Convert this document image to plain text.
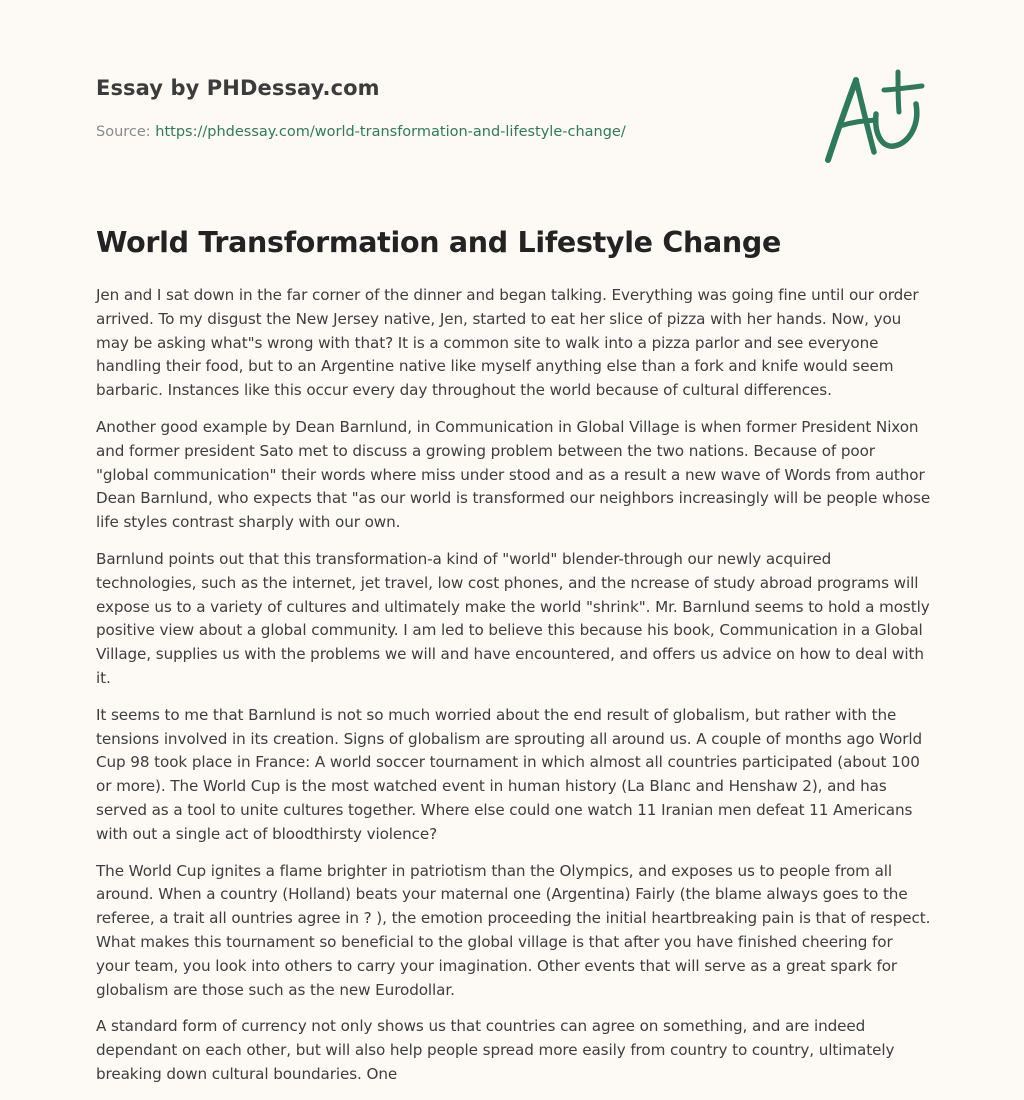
Essay by PHDessay.com

Source: https://phdessay.com/world-transformation-and-lifestyle-change/

World Transformation and Lifestyle Change

Jen and I sat down in the far corner of the dinner and began talking. Everything was going fine until our order arrived. To my disgust the New Jersey native, Jen, started to eat her slice of pizza with her hands. Now, you may be asking what"s wrong with that? It is a common site to walk into a pizza parlor and see everyone handling their food, but to an Argentine native like myself anything else than a fork and knife would seem barbaric. Instances like this occur every day throughout the world because of cultural differences.

Another good example by Dean Barnlund, in Communication in Global Village is when former President Nixon and former president Sato met to discuss a growing problem between the two nations. Because of poor "global communication" their words where miss under stood and as a result a new wave of Words from author Dean Barnlund, who expects that "as our world is transformed our neighbors increasingly will be people whose life styles contrast sharply with our own.

Barnlund points out that this transformation-a kind of "world" blender-through our newly acquired technologies, such as the internet, jet travel, low cost phones, and the ncrease of study abroad programs will expose us to a variety of cultures and ultimately make the world "shrink". Mr. Barnlund seems to hold a mostly positive view about a global community. I am led to believe this because his book, Communication in a Global Village, supplies us with the problems we will and have encountered, and offers us advice on how to deal with it.

It seems to me that Barnlund is not so much worried about the end result of globalism, but rather with the tensions involved in its creation. Signs of globalism are sprouting all around us. A couple of months ago World Cup 98 took place in France: A world soccer tournament in which almost all countries participated (about 100 or more). The World Cup is the most watched event in human history (La Blanc and Henshaw 2), and has served as a tool to unite cultures together. Where else could one watch 11 Iranian men defeat 11 Americans with out a single act of bloodthirsty violence?

The World Cup ignites a flame brighter in patriotism than the Olympics, and exposes us to people from all around. When a country (Holland) beats your maternal one (Argentina) Fairly (the blame always goes to the referee, a trait all ountries agree in ? ), the emotion proceeding the initial heartbreaking pain is that of respect. What makes this tournament so beneficial to the global village is that after you have finished cheering for your team, you look into others to carry your imagination. Other events that will serve as a great spark for globalism are those such as the new Eurodollar.

A standard form of currency not only shows us that countries can agree on something, and are indeed dependant on each other, but will also help people spread more easily from country to country, ultimately breaking down cultural boundaries. One
